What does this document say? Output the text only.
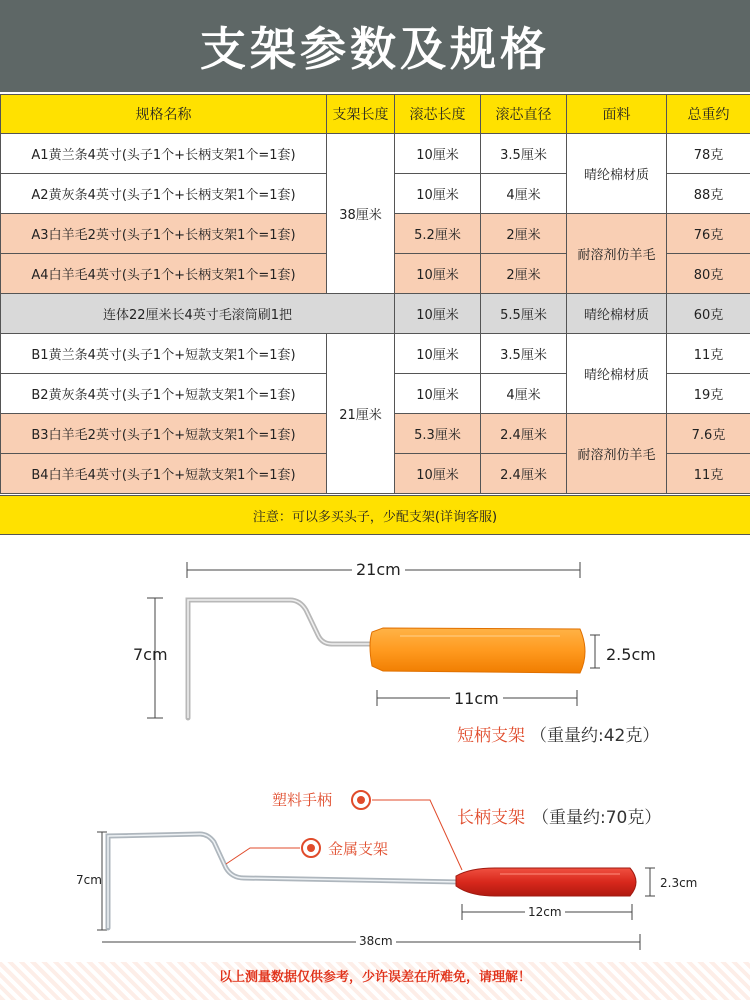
支架参数及规格
规格名称	支架长度	滚芯长度	滚芯直径	面料	总重约
A1黄兰条4英寸(头子1个+长柄支架1个=1套)	38厘米	10厘米	3.5厘米	晴纶棉材质	78克
A2黄灰条4英寸(头子1个+长柄支架1个=1套)		10厘米	4厘米		88克
A3白羊毛2英寸(头子1个+长柄支架1个=1套)		5.2厘米	2厘米	耐溶剂仿羊毛	76克
A4白羊毛4英寸(头子1个+长柄支架1个=1套)		10厘米	2厘米		80克
连体22厘米长4英寸毛滚筒刷1把		10厘米	5.5厘米	晴纶棉材质	60克
B1黄兰条4英寸(头子1个+短款支架1个=1套)	21厘米	10厘米	3.5厘米	晴纶棉材质	11克
B2黄灰条4英寸(头子1个+短款支架1个=1套)		10厘米	4厘米		19克
B3白羊毛2英寸(头子1个+短款支架1个=1套)		5.3厘米	2.4厘米	耐溶剂仿羊毛	7.6克
B4白羊毛4英寸(头子1个+短款支架1个=1套)		10厘米	2.4厘米		11克
注意：可以多买头子，少配支架(详询客服)
21cm
7cm	2.5cm
11cm
短柄支架 （重量约:42克）
塑料手柄
金属支架
长柄支架 （重量约:70克）
7cm	2.3cm
12cm
38cm
以上测量数据仅供参考，少许误差在所难免，请理解！
